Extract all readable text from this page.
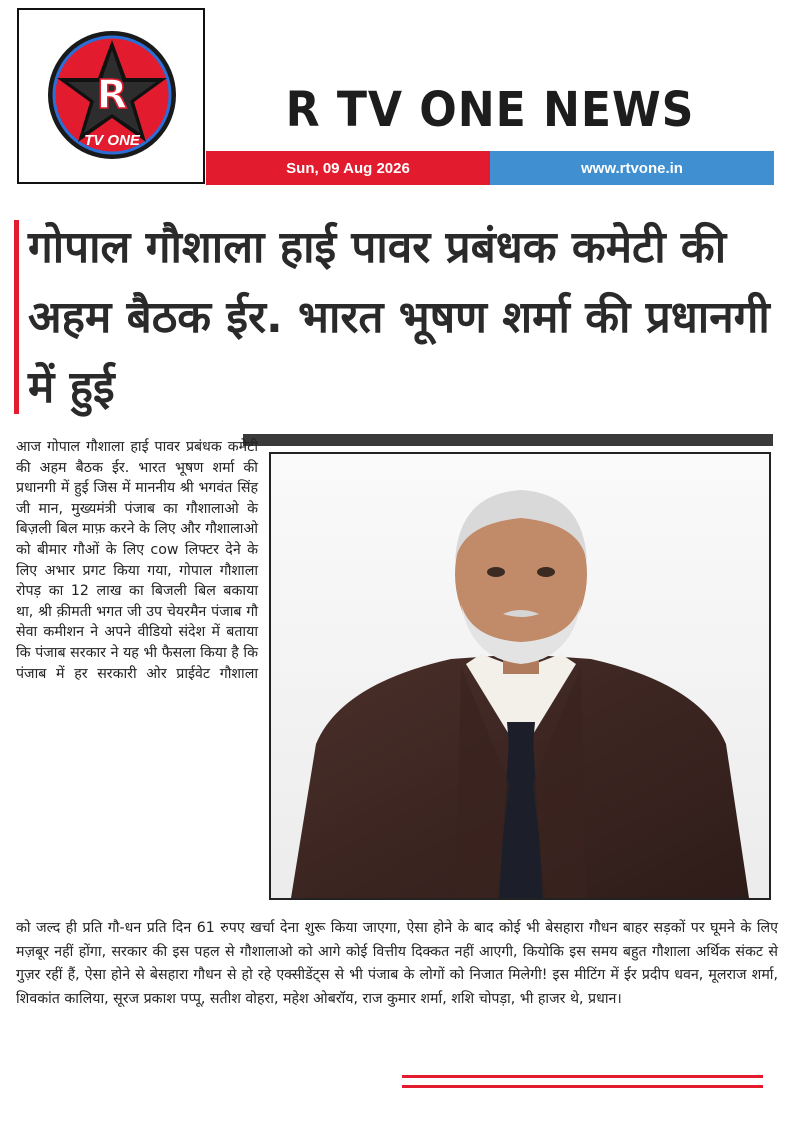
R
TV ONE
R TV ONE NEWS
Sun, 09 Aug 2026	www.rtvone.in
गोपाल गौशाला हाई पावर प्रबंधक कमेटी की अहम बैठक ईर. भारत भूषण शर्मा की प्रधानगी में हुई

आज गोपाल गौशाला हाई पावर प्रबंधक कमेटी की अहम बैठक ईर. भारत भूषण शर्मा की प्रधानगी में हुई जिस में माननीय श्री भगवंत सिंह जी मान, मुख्यमंत्री पंजाब का गौशालाओ के बिज़ली बिल माफ़ करने के लिए और गौशालाओ को बीमार गौओं के लिए cow लिफ्टर देने के लिए अभार प्रगट किया गया, गोपाल गौशाला रोपड़ का 12 लाख का बिजली बिल बकाया था, श्री क़ीमती भगत जी उप चेयरमैन पंजाब गौ सेवा कमीशन ने अपने वीडियो संदेश में बताया कि पंजाब सरकार ने यह भी फैसला किया है कि पंजाब में हर सरकारी ओर प्राईवेट गौशाला

को जल्द ही प्रति गौ-धन प्रति दिन 61 रुपए खर्चा देना शुरू किया जाएगा, ऐसा होने के बाद कोई भी बेसहारा गौधन बाहर सड़कों पर घूमने के लिए मज़बूर नहीं होंगा, सरकार की इस पहल से गौशालाओ को आगे कोई वित्तीय दिक्कत नहीं आएगी, कियोकि इस समय बहुत गौशाला अर्थिक संकट से गुज़र रहीं हैं, ऐसा होने से बेसहारा गौधन से हो रहे एक्सीडेंट्स से भी पंजाब के लोगों को निजात मिलेगी! इस मीटिंग में ईर प्रदीप धवन, मूलराज शर्मा, शिवकांत कालिया, सूरज प्रकाश पप्पू, सतीश वोहरा, महेश ओबरॉय, राज कुमार शर्मा, शशि चोपड़ा, भी हाजर थे, प्रधान।
